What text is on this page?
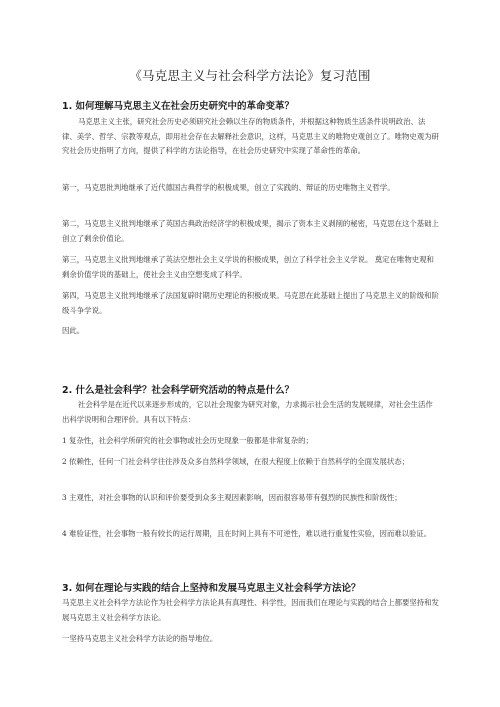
《马克思主义与社会科学方法论》复习范围
1. 如何理解马克思主义在社会历史研究中的革命变革？
马克思主义主张，研究社会历史必须研究社会赖以生存的物质条件，并根据这种物质生活条件说明政治、法律、美学、哲学、宗教等观点，即用社会存在去解释社会意识，这样，马克思主义的唯物史观创立了。唯物史观为研究社会历史指明了方向，提供了科学的方法论指导，在社会历史研究中实现了革命性的革命。
第一，马克思批判地继承了近代德国古典哲学的积极成果，创立了实践的、辩证的历史唯物主义哲学。
第二，马克思主义批判地继承了英国古典政治经济学的积极成果，揭示了资本主义剥削的秘密，马克思在这个基础上创立了剩余价值论。
第三，马克思主义批判地继承了英法空想社会主义学说的积极成果，创立了科学社会主义学说。 奠定在唯物史观和剩余价值学说的基础上，使社会主义由空想变成了科学。
第四，马克思主义批判地继承了法国复辟时期历史理论的积极成果。马克思在此基础上提出了马克思主义的阶级和阶级斗争学说。
因此。
2. 什么是社会科学？社会科学研究活动的特点是什么？
社会科学是在近代以来逐步形成的，它以社会现象为研究对象，力求揭示社会生活的发展规律，对社会生活作出科学说明和合理评价。具有以下特点：
1 复杂性，社会科学所研究的社会事物或社会历史现象一般都是非常复杂的；
2 依赖性，任何一门社会科学往往涉及众多自然科学领域，在很大程度上依赖于自然科学的全面发展状态；
3 主观性，对社会事物的认识和评价要受到众多主观因素影响，因而很容易带有强烈的民族性和阶级性；
4 难验证性，社会事物一般有较长的运行周期，且在时间上具有不可逆性，难以进行重复性实验，因而难以验证。
3. 如何在理论与实践的结合上坚持和发展马克思主义社会科学方法论？
马克思主义社会科学方法论作为社会科学方法论具有真理性、科学性，因而我们在理论与实践的结合上都要坚持和发展马克思主义社会科学方法论。
一坚持马克思主义社会科学方法论的指导地位。
